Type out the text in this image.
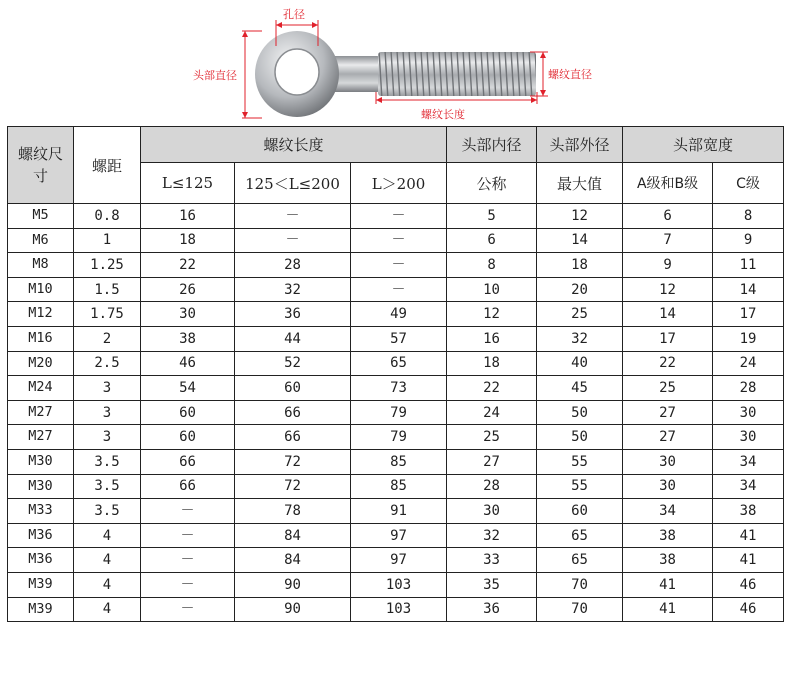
孔径
头部直径	螺纹直径
螺纹长度
螺纹尺寸	螺距	螺纹长度			头部内径	头部外径	头部宽度	
		L≤125	125＜L≤200	L＞200	公称	最大值	A级和B级	C级
M5	0.8	16	－	－	5	12	6	8
M6	1	18	－	－	6	14	7	9
M8	1.25	22	28	－	8	18	9	11
M10	1.5	26	32	－	10	20	12	14
M12	1.75	30	36	49	12	25	14	17
M16	2	38	44	57	16	32	17	19
M20	2.5	46	52	65	18	40	22	24
M24	3	54	60	73	22	45	25	28
M27	3	60	66	79	24	50	27	30
M27	3	60	66	79	25	50	27	30
M30	3.5	66	72	85	27	55	30	34
M30	3.5	66	72	85	28	55	30	34
M33	3.5	－	78	91	30	60	34	38
M36	4	－	84	97	32	65	38	41
M36	4	－	84	97	33	65	38	41
M39	4	－	90	103	35	70	41	46
M39	4	－	90	103	36	70	41	46
